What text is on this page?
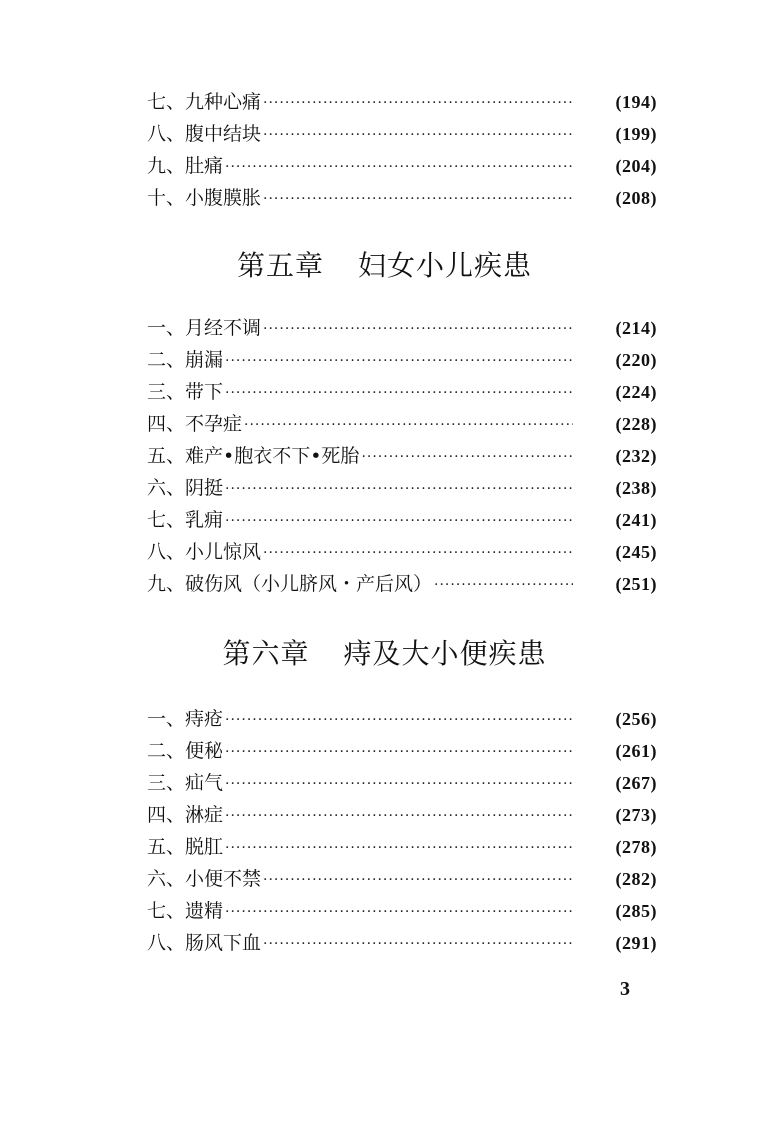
七、 九种心痛 ·····	(194)
八、 腹中结块 ·····	(199)
九、 肚痛 ·····	(204)
十、 小腹膜胀 ·····	(208)
第五章 妇女小儿疾患
一、 月经不调 ·····	(214)
二、 崩漏 ·····	(220)
三、 带下 ·····	(224)
四、 不孕症 ·····	(228)
五、 难产•胞衣不下•死胎 ·····	(232)
六、 阴挺 ·····	(238)
七、 乳痈 ·····	(241)
八、 小儿惊风 ·····	(245)
九、 破伤风（小儿脐风・产后风） ·····	(251)
第六章 痔及大小便疾患
一、 痔疮 ·····	(256)
二、 便秘 ·····	(261)
三、 疝气 ·····	(267)
四、 淋症 ·····	(273)
五、 脱肛 ·····	(278)
六、 小便不禁 ·····	(282)
七、 遗精 ·····	(285)
八、 肠风下血 ·····	(291)
3
